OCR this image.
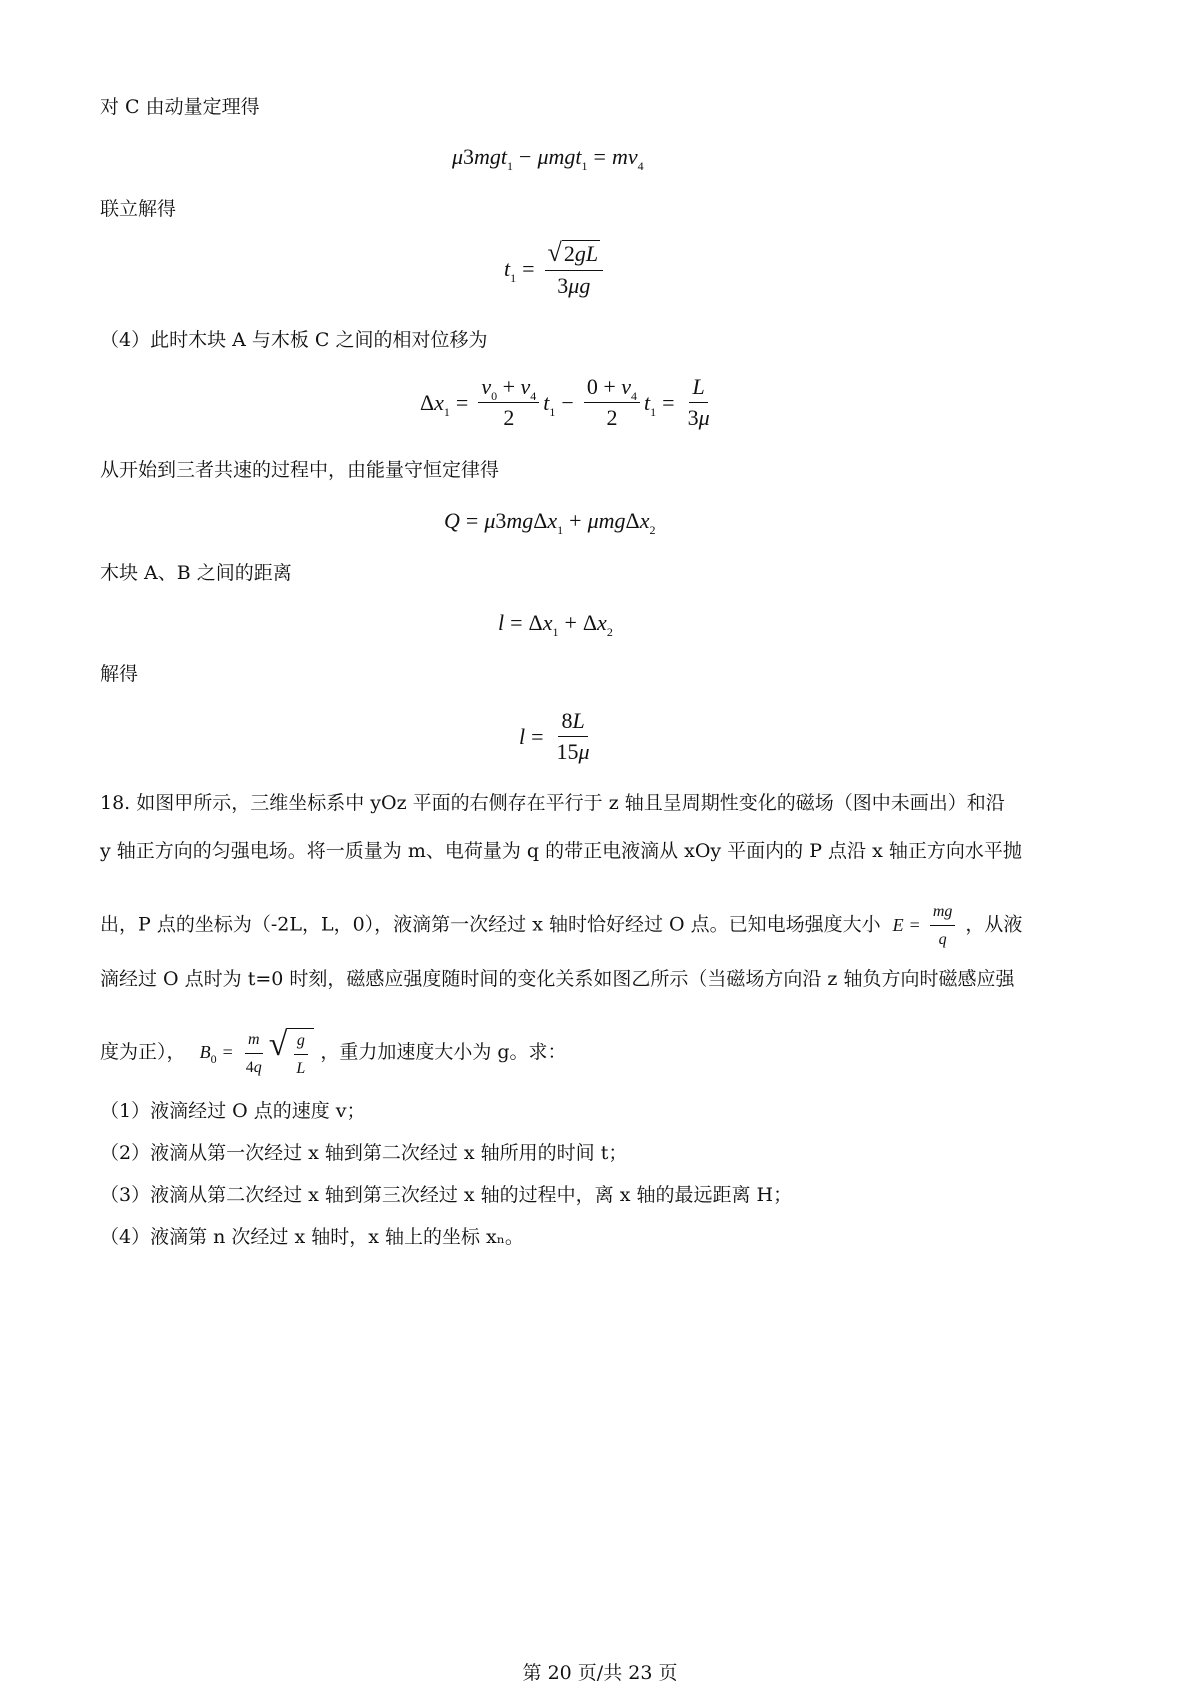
对 C 由动量定理得
$\mu 3mgt_1 - \mu mgt_1 = mv_4$
联立解得
$t_1 = \frac{√ 2gL}{3\mu g}$
（4）此时木块 A 与木板 C 之间的相对位移为
$\Delta x_1 = \frac{v_0 + v_4}{2} t_1 - \frac{0 + v_4}{2} t_1 = \frac{L}{3\mu}$
从开始到三者共速的过程中，由能量守恒定律得
Q = μ3mgΔx$_1$ + μmgΔx$_2$
木块 A、B 之间的距离
$l = \Delta x_1 + \Delta x_2$
解得
$l = \frac{8L}{15\mu}$
18. 如图甲所示，三维坐标系中 yOz 平面的右侧存在平行于 z 轴且呈周期性变化的磁场（图中未画出）和沿
y 轴正方向的匀强电场。将一质量为 m、电荷量为 q 的带正电液滴从 xOy 平面内的 P 点沿 x 轴正方向水平抛
出，P 点的坐标为（-2L，L，0），液滴第一次经过 x 轴时恰好经过 O 点。已知电场强度大小 $E = \frac{mg}{q}$ ，从液
滴经过 O 点时为 t=0 时刻，磁感应强度随时间的变化关系如图乙所示（当磁场方向沿 z 轴负方向时磁感应强
度为正）， B $0 = \frac{m}{4q}$ √ $\frac{g}{L}$ ，重力加速度大小为 g。求：
（1）液滴经过 O 点的速度 v；
（2）液滴从第一次经过 x 轴到第二次经过 x 轴所用的时间 t；
（3）液滴从第二次经过 x 轴到第三次经过 x 轴的过程中，离 x 轴的最远距离 H；
（4）液滴第 n 次经过 x 轴时，x 轴上的坐标 xₙ。
第 20 页/共 23 页
